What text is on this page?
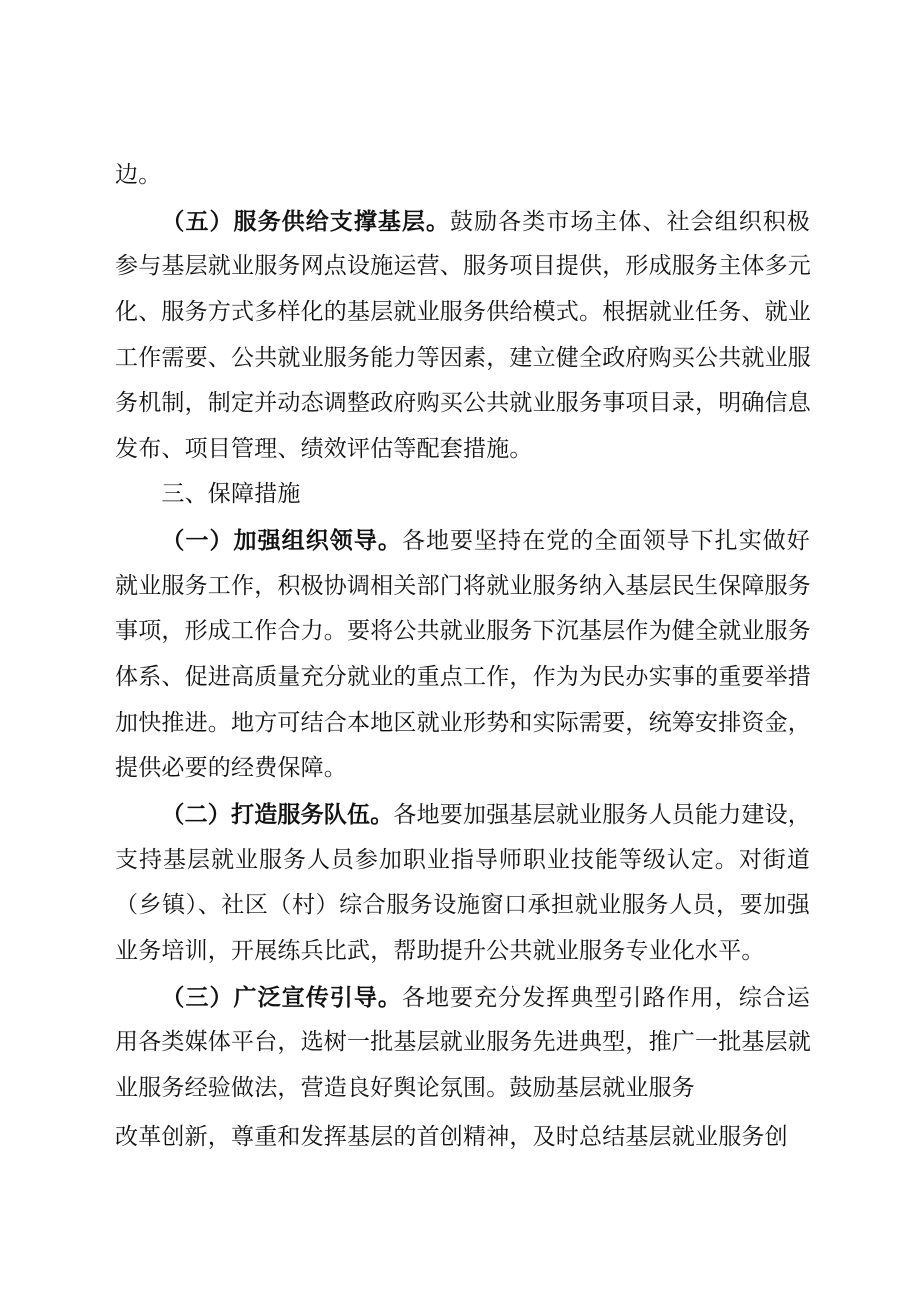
边。
（五）服务供给支撑基层。鼓励各类市场主体、社会组织积极
参与基层就业服务网点设施运营、服务项目提供，形成服务主体多元
化、服务方式多样化的基层就业服务供给模式。根据就业任务、就业
工作需要、公共就业服务能力等因素，建立健全政府购买公共就业服
务机制，制定并动态调整政府购买公共就业服务事项目录，明确信息
发布、项目管理、绩效评估等配套措施。
三、保障措施
（一）加强组织领导。各地要坚持在党的全面领导下扎实做好
就业服务工作，积极协调相关部门将就业服务纳入基层民生保障服务
事项，形成工作合力。要将公共就业服务下沉基层作为健全就业服务
体系、促进高质量充分就业的重点工作，作为为民办实事的重要举措
加快推进。地方可结合本地区就业形势和实际需要，统筹安排资金，
提供必要的经费保障。
（二）打造服务队伍。各地要加强基层就业服务人员能力建设，
支持基层就业服务人员参加职业指导师职业技能等级认定。对街道
（乡镇）、社区（村）综合服务设施窗口承担就业服务人员，要加强
业务培训，开展练兵比武，帮助提升公共就业服务专业化水平。
（三）广泛宣传引导。各地要充分发挥典型引路作用，综合运
用各类媒体平台，选树一批基层就业服务先进典型，推广一批基层就
业服务经验做法，营造良好舆论氛围。鼓励基层就业服务
改革创新，尊重和发挥基层的首创精神，及时总结基层就业服务创
